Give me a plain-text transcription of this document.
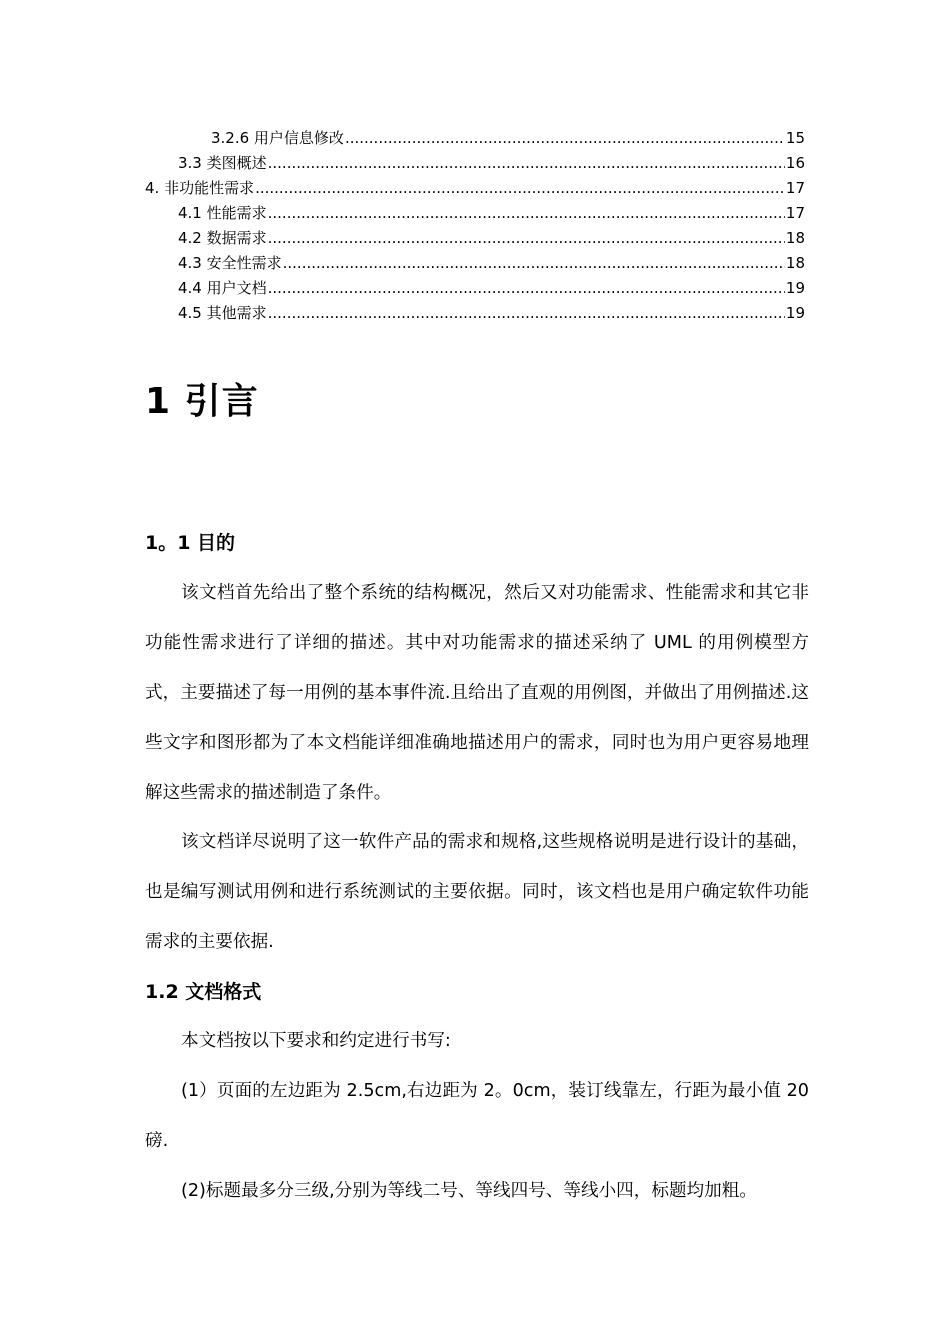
3.2.6 用户信息修改 .....	15
3.3 类图概述 .....	16
4. 非功能性需求 .....	17
4.1 性能需求 .....	17
4.2 数据需求 .....	18
4.3 安全性需求 .....	18
4.4 用户文档 .....	19
4.5 其他需求 .....	19
1 引言
1。1 目的

该文档首先给出了整个系统的结构概况，然后又对功能需求、性能需求和其它非功能性需求进行了详细的描述。其中对功能需求的描述采纳了 UML 的用例模型方式，主要描述了每一用例的基本事件流.且给出了直观的用例图，并做出了用例描述.这些文字和图形都为了本文档能详细准确地描述用户的需求，同时也为用户更容易地理解这些需求的描述制造了条件。

该文档详尽说明了这一软件产品的需求和规格,这些规格说明是进行设计的基础，也是编写测试用例和进行系统测试的主要依据。同时，该文档也是用户确定软件功能需求的主要依据.

1.2 文档格式

本文档按以下要求和约定进行书写:

(1）页面的左边距为 2.5cm,右边距为 2。0cm，装订线靠左，行距为最小值 20 磅.

(2)标题最多分三级,分别为等线二号、等线四号、等线小四，标题均加粗。
